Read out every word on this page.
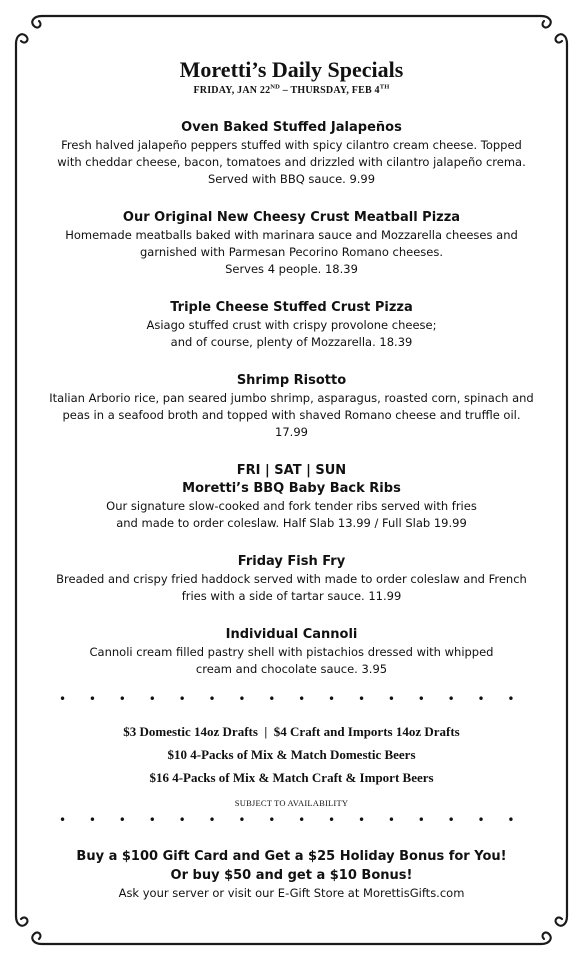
Moretti’s Daily Specials
FRIDAY, JAN 22ND – THURSDAY, FEB 4TH
Oven Baked Stuffed Jalapeños
Fresh halved jalapeño peppers stuffed with spicy cilantro cream cheese. Topped
with cheddar cheese, bacon, tomatoes and drizzled with cilantro jalapeño crema.
Served with BBQ sauce. 9.99
Our Original New Cheesy Crust Meatball Pizza
Homemade meatballs baked with marinara sauce and Mozzarella cheeses and
garnished with Parmesan Pecorino Romano cheeses.
Serves 4 people. 18.39
Triple Cheese Stuffed Crust Pizza
Asiago stuffed crust with crispy provolone cheese;
and of course, plenty of Mozzarella. 18.39
Shrimp Risotto
Italian Arborio rice, pan seared jumbo shrimp, asparagus, roasted corn, spinach and
peas in a seafood broth and topped with shaved Romano cheese and truffle oil.
17.99
FRI | SAT | SUN
Moretti’s BBQ Baby Back Ribs
Our signature slow-cooked and fork tender ribs served with fries
and made to order coleslaw. Half Slab 13.99 / Full Slab 19.99
Friday Fish Fry
Breaded and crispy fried haddock served with made to order coleslaw and French
fries with a side of tartar sauce. 11.99
Individual Cannoli
Cannoli cream filled pastry shell with pistachios dressed with whipped
cream and chocolate sauce. 3.95
• • • • • • • • • • • • • • • •
$3 Domestic 14oz Drafts  |  $4 Craft and Imports 14oz Drafts
$10 4-Packs of Mix & Match Domestic Beers
$16 4-Packs of Mix & Match Craft & Import Beers
SUBJECT TO AVAILABILITY
• • • • • • • • • • • • • • • •
Buy a $100 Gift Card and Get a $25 Holiday Bonus for You!
Or buy $50 and get a $10 Bonus!
Ask your server or visit our E-Gift Store at MorettisGifts.com
